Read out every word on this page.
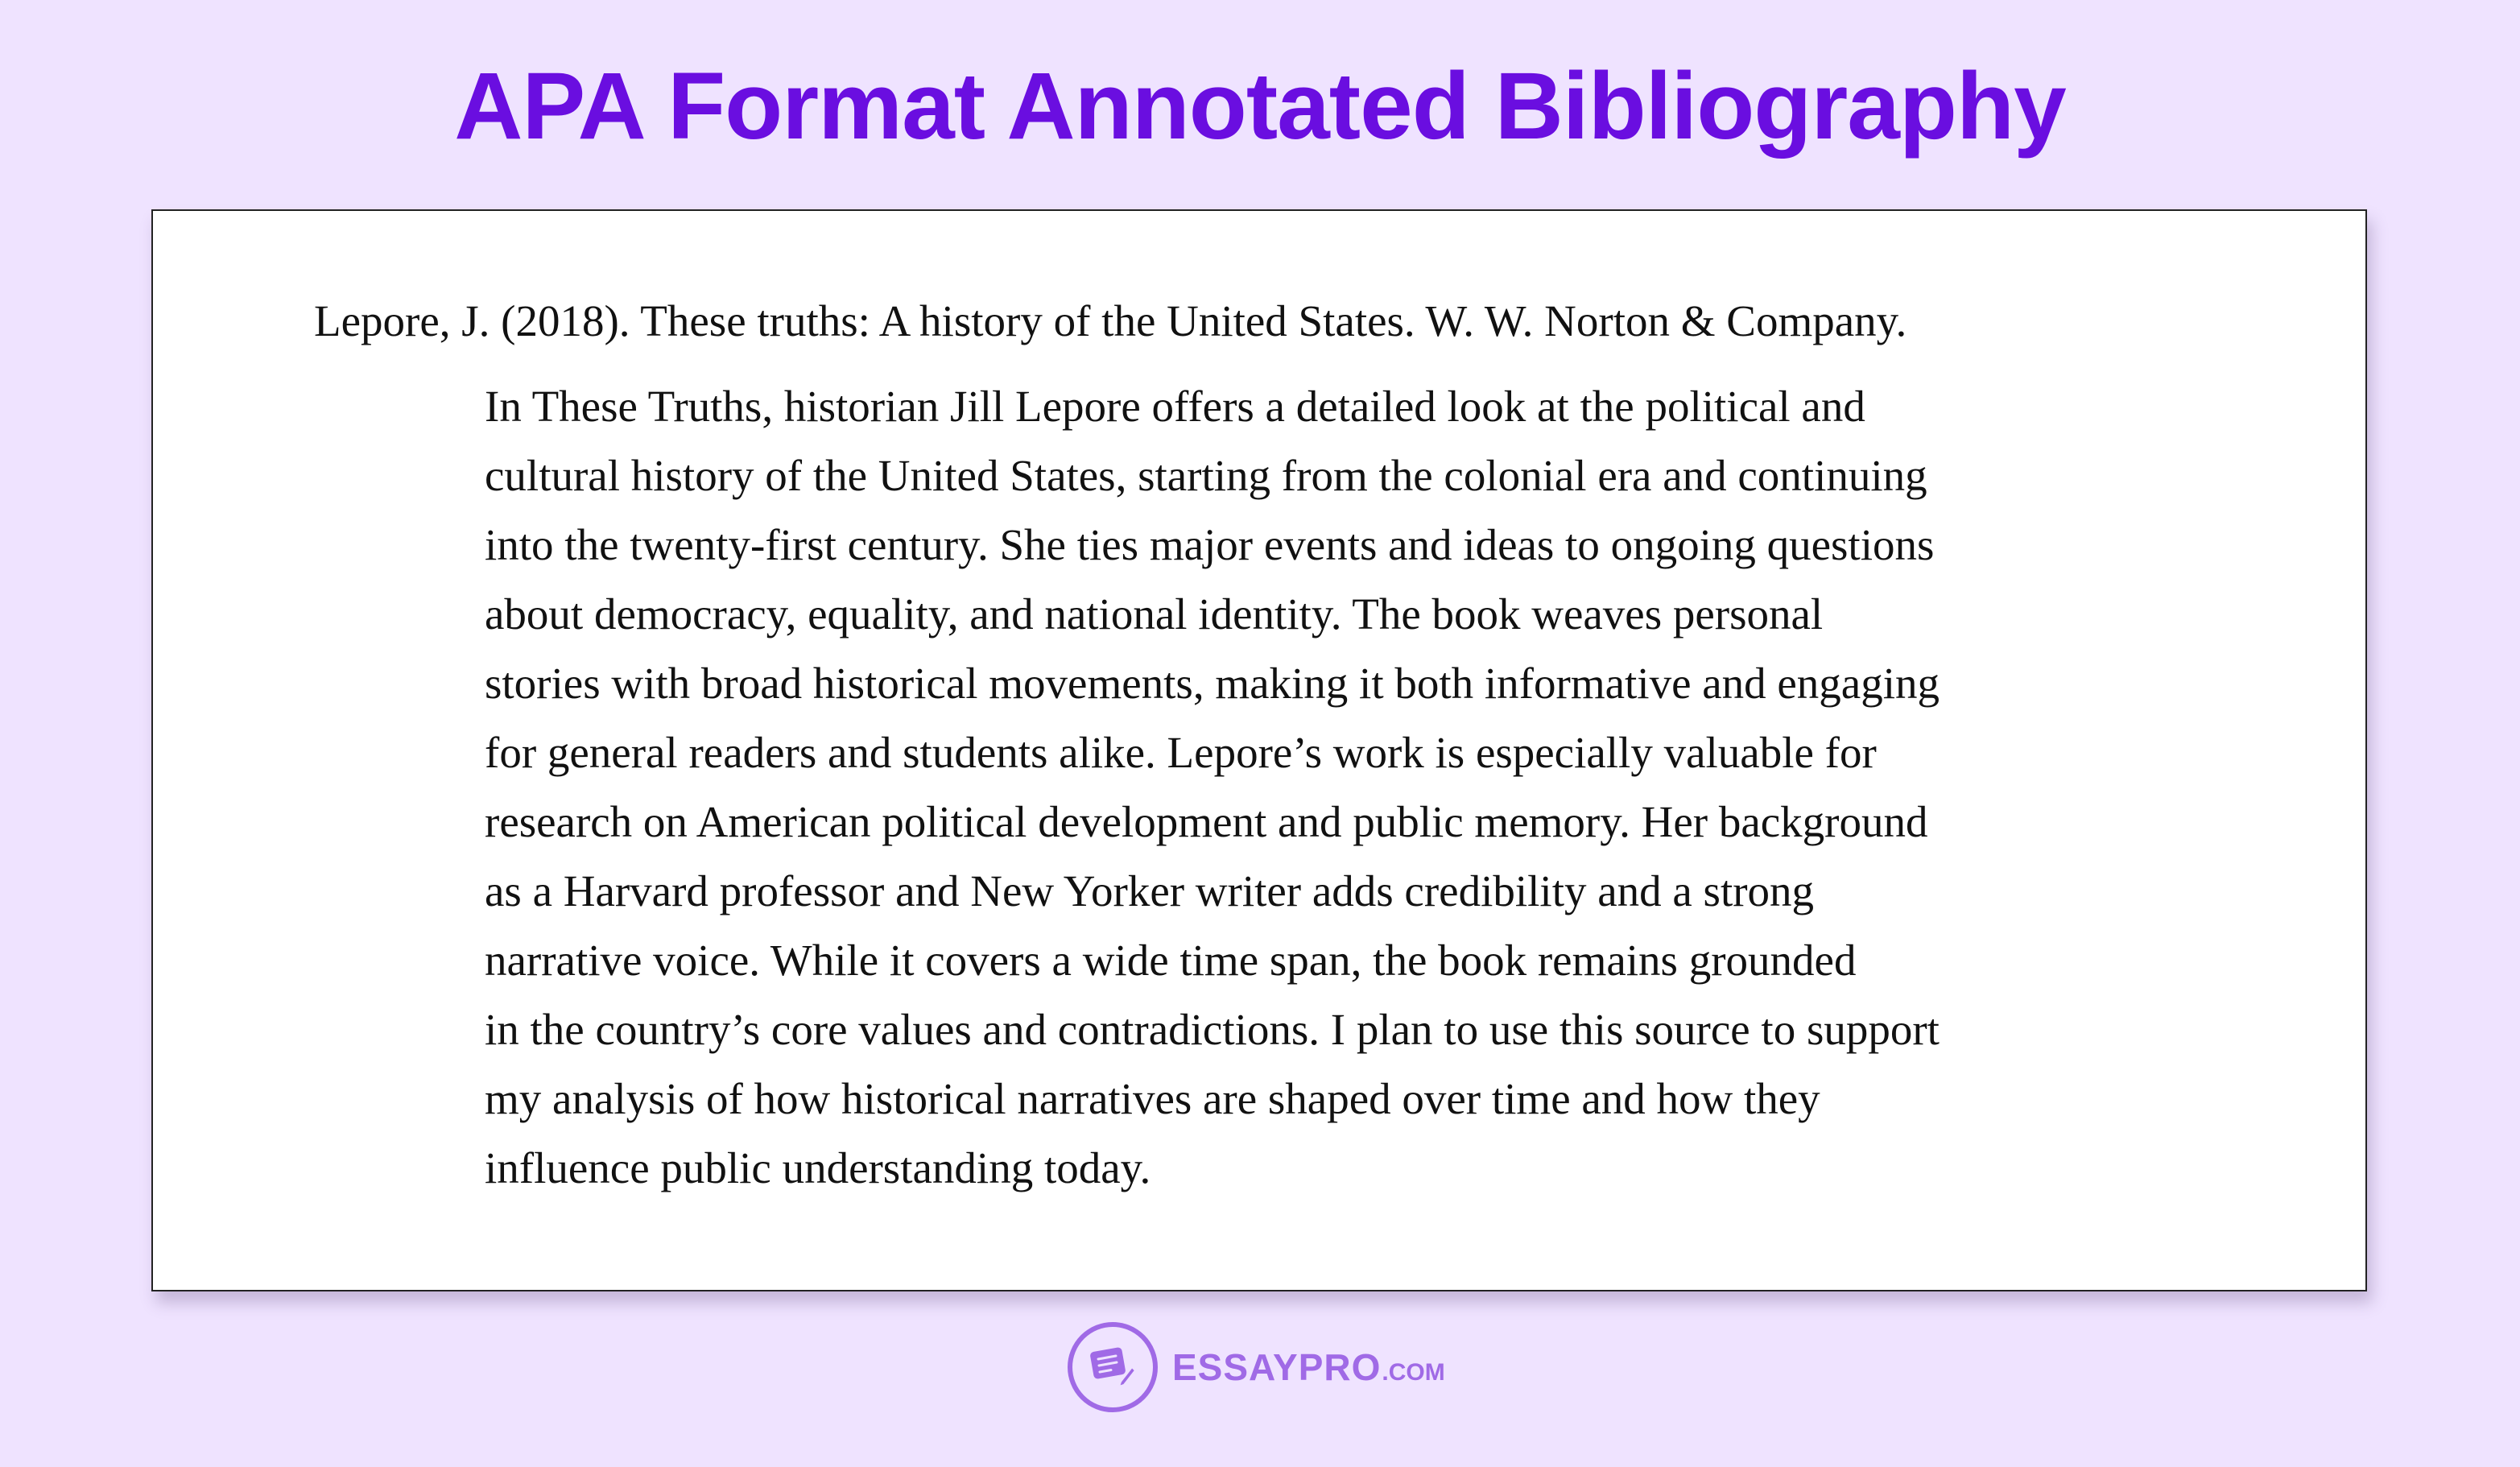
APA Format Annotated Bibliography

Lepore, J. (2018). These truths: A history of the United States. W. W. Norton & Company.

In These Truths, historian Jill Lepore offers a detailed look at the political and
cultural history of the United States, starting from the colonial era and continuing
into the twenty-first century. She ties major events and ideas to ongoing questions
about democracy, equality, and national identity. The book weaves personal
stories with broad historical movements, making it both informative and engaging
for general readers and students alike. Lepore’s work is especially valuable for
research on American political development and public memory. Her background
as a Harvard professor and New Yorker writer adds credibility and a strong
narrative voice. While it covers a wide time span, the book remains grounded
in the country’s core values and contradictions. I plan to use this source to support
my analysis of how historical narratives are shaped over time and how they
influence public understanding today.

ESSAYPRO .COM
